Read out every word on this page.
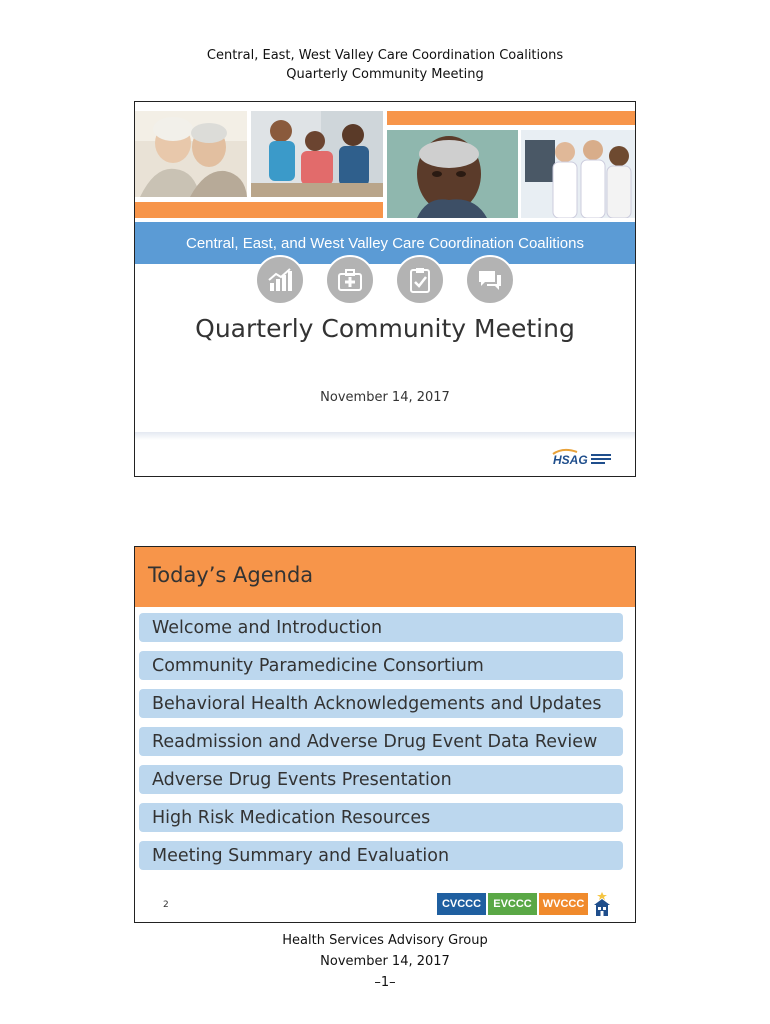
Central, East, West Valley Care Coordination Coalitions
Quarterly Community Meeting
Central, East, and West Valley Care Coordination Coalitions
Quarterly Community Meeting
November 14, 2017
HSAG
Today’s Agenda
Welcome and Introduction
Community Paramedicine Consortium
Behavioral Health Acknowledgements and Updates
Readmission and Adverse Drug Event Data Review
Adverse Drug Events Presentation
High Risk Medication Resources
Meeting Summary and Evaluation
2	CVCCC	EVCCC WVCCC
Health Services Advisory Group
November 14, 2017
–1–
